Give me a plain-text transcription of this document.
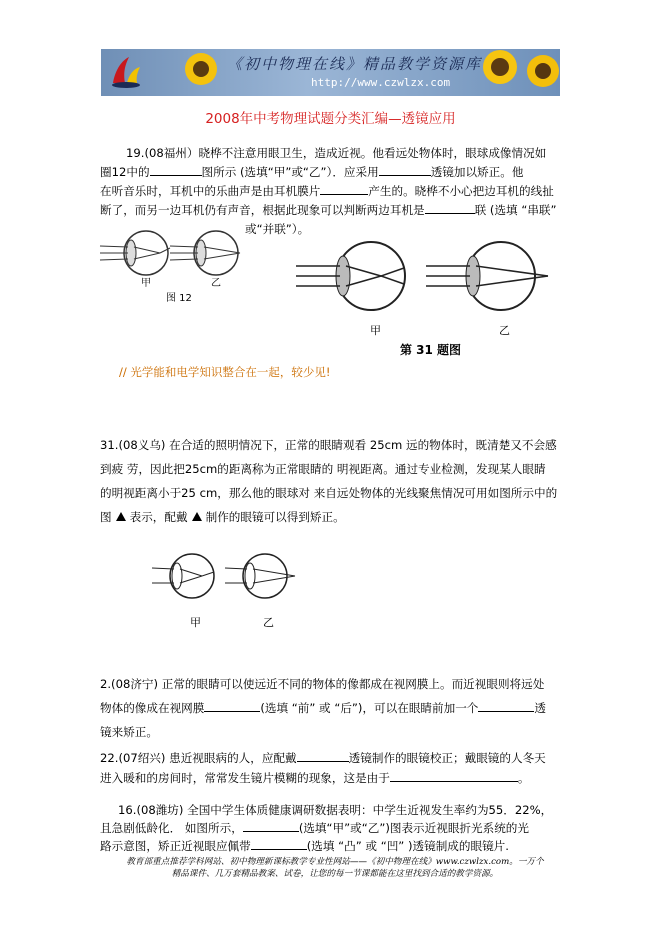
《初中物理在线》精品教学资源库
http://www.czwlzx.com
2008年中考物理试题分类汇编—透镜应用
19.(08福州）晓桦不注意用眼卫生，造成近视。他看远处物体时，眼球成像情况如
圈12中的	图所示 (选填“甲”或“乙”）．应采用	透镜加以矫正。他
在听音乐时，耳机中的乐曲声是由耳机膜片	产生的。晓桦不小心把边耳机的线扯
断了，而另一边耳机仍有声音，根据此现象可以判断两边耳机是	联 (选填 “串联”
或“并联”）。
甲	乙
图 12
甲	乙
第 31 题图
// 光学能和电学知识整合在一起，较少见!
31.(08义乌) 在合适的照明情况下，正常的眼睛观看 25cm 远的物体时，既清楚又不会感
到疲 劳，因此把25cm的距离称为正常眼睛的 明视距离。通过专业检测，发现某人眼睛
的明视距离小于25 cm，那么他的眼球对 来自远处物体的光线聚焦情况可用如图所示中的
图 表示，配戴 制作的眼镜可以得到矫正。
甲	乙
2.(08济宁) 正常的眼睛可以使远近不同的物体的像都成在视网膜上。而近视眼则将远处
物体的像成在视网膜	(选填 “前” 或 “后”)，可以在眼睛前加一个	透
镜来矫正。
22.(07绍兴) 患近视眼病的人，应配戴	透镜制作的眼镜校正；戴眼镜的人冬天
进入暖和的房间时，常常发生镜片模糊的现象，这是由于	。
16.(08潍坊) 全国中学生体质健康调研数据表明：中学生近视发生率约为55．22%，
且急剧低龄化． 如图所示，	(选填“甲”或“乙”)图表示近视眼折光系统的光
路示意图，矫正近视眼应佩带	(选填 “凸” 或 “凹” )透镜制成的眼镜片.
教育部重点推荐学科网站、初中物理新课标教学专业性网站——《初中物理在线》www.czwlzx.com。一万个
精品课件、几万套精品教案、试卷，让您的每一节课都能在这里找到合适的教学资源。
